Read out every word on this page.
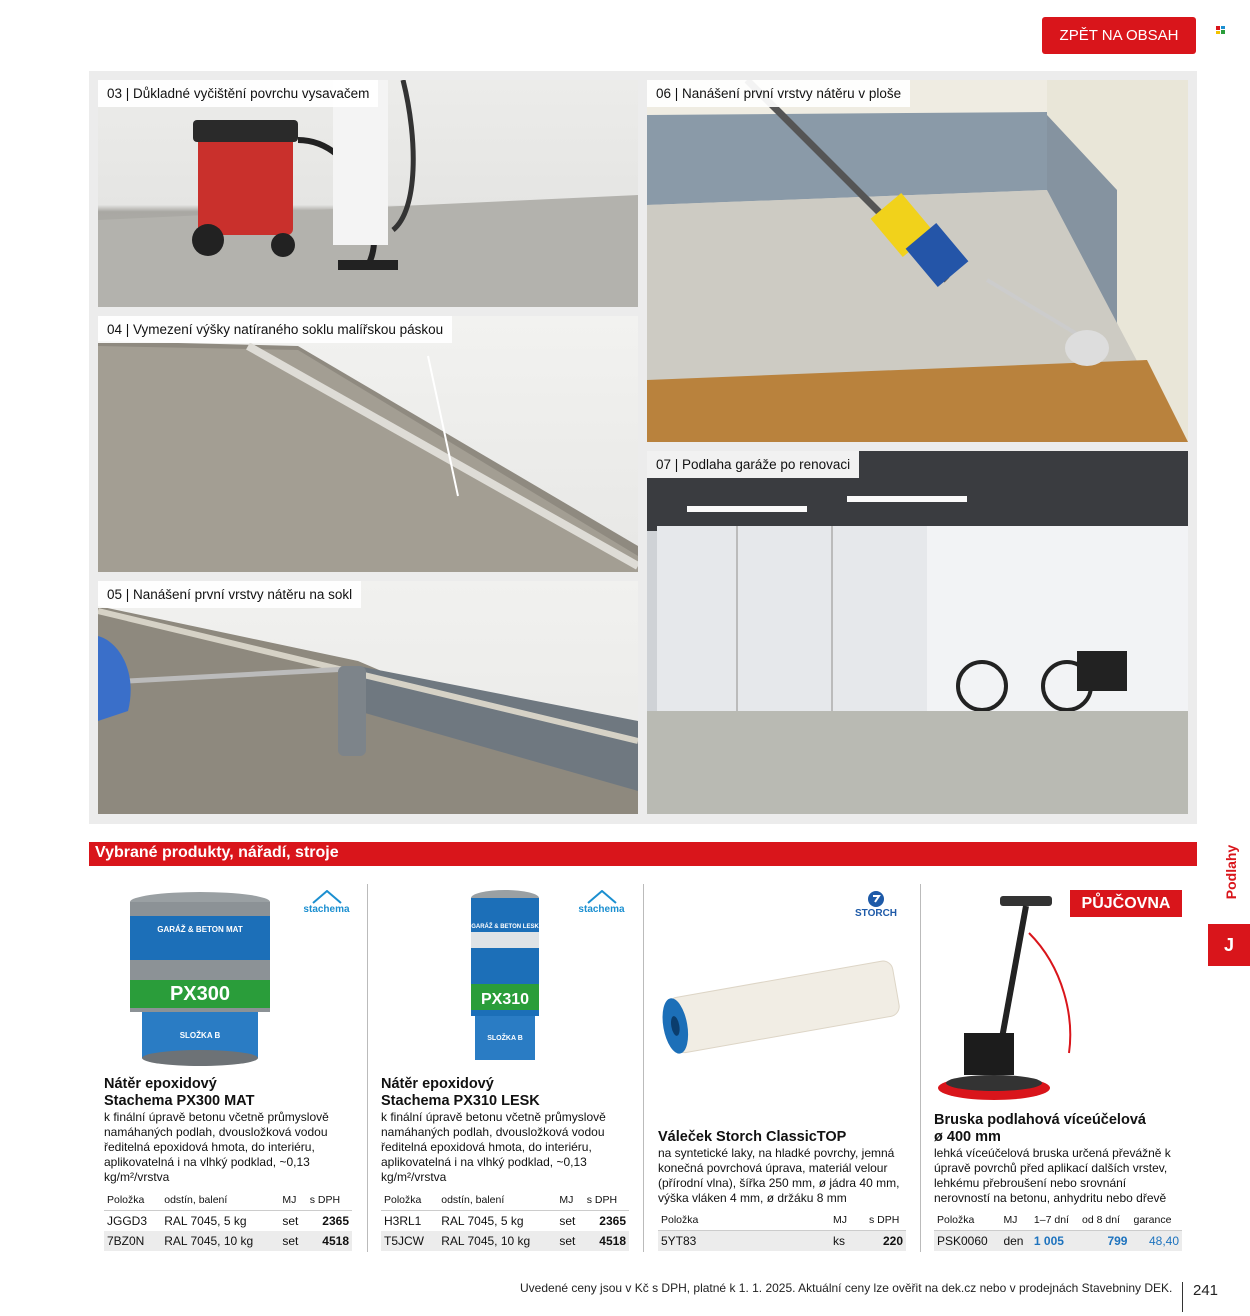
ZPĚT NA OBSAH
03 | Důkladné vyčištění povrchu vysavačem
04 | Vymezení výšky natíraného soklu malířskou páskou
05 | Nanášení první vrstvy nátěru na sokl
06 | Nanášení první vrstvy nátěru v ploše
07 | Podlaha garáže po renovaci
Vybrané produkty, nářadí, stroje	Podlahy
J
stachema
GARÁŽ & BETON MAT
PX300
SLOŽKA B
Nátěr epoxidový
Stachema PX300 MAT
k finální úpravě betonu včetně průmyslově namáhaných podlah, dvousložková vodou ředitelná epoxidová hmota, do interiéru, aplikovatelná i na vlhký podklad, ~0,13 kg/m²/vrstva
Položka	odstín, balení	MJ	s DPH
JGGD3	RAL 7045, 5 kg	set	2365
7BZ0N	RAL 7045, 10 kg	set	4518
stachema
GARÁŽ & BETON LESK
PX310
SLOŽKA B
Nátěr epoxidový
Stachema PX310 LESK
k finální úpravě betonu včetně průmyslově namáhaných podlah, dvousložková vodou ředitelná epoxidová hmota, do interiéru, aplikovatelná i na vlhký podklad, ~0,13 kg/m²/vrstva
Položka	odstín, balení	MJ	s DPH
H3RL1	RAL 7045, 5 kg	set	2365
T5JCW	RAL 7045, 10 kg	set	4518
STORCH
Váleček Storch ClassicTOP
na syntetické laky, na hladké povrchy, jemná konečná povrchová úprava, materiál velour (přírodní vlna), šířka 250 mm, ø jádra 40 mm, výška vláken 4 mm, ø držáku 8 mm
Položka	MJ	s DPH
5YT83	ks	220
PŮJČOVNA
Bruska podlahová víceúčelová
ø 400 mm
lehká víceúčelová bruska určená převážně k úpravě povrchů před aplikací dalších vrstev, lehkému přebroušení nebo srovnání nerovností na betonu, anhydritu nebo dřevě
Položka	MJ	1–7 dní	od 8 dní	garance
PSK0060	den	1 005	799	48,40
Uvedené ceny jsou v Kč s DPH, platné k 1. 1. 2025. Aktuální ceny lze ověřit na dek.cz nebo v prodejnách Stavebniny DEK. 241
